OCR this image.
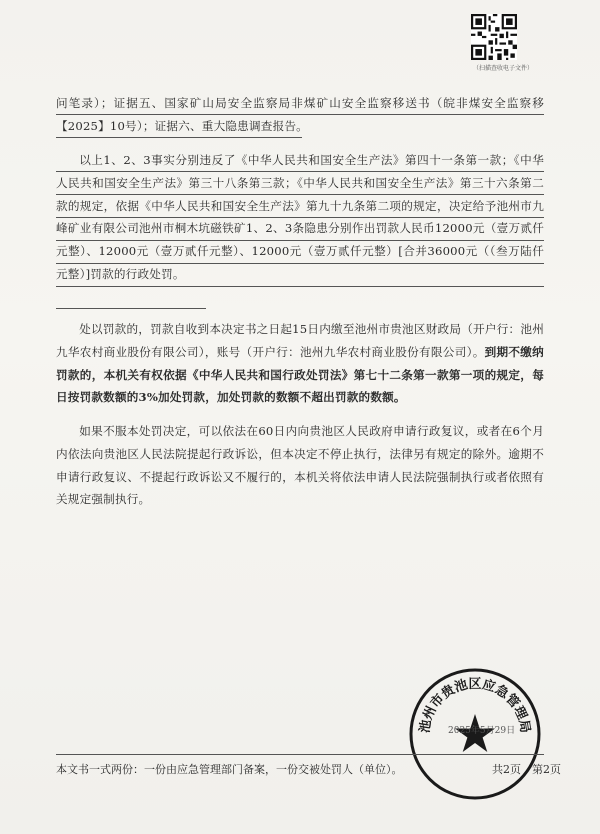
（扫描查收电子文件）

问笔录）；证据五、国家矿山局安全监察局非煤矿山安全监察移送书（皖非煤安全监察移【2025】10号）；证据六、重大隐患调查报告。

以上1、2、3事实分别违反了《中华人民共和国安全生产法》第四十一条第一款；《中华人民共和国安全生产法》第三十八条第三款；《中华人民共和国安全生产法》第三十六条第二款的规定，依据《中华人民共和国安全生产法》第九十九条第二项的规定，决定给予池州市九峰矿业有限公司池州市桐木坑磁铁矿1、2、3条隐患分别作出罚款人民币12000元（壹万贰仟元整）、12000元（壹万贰仟元整）、12000元（壹万贰仟元整）[合并36000元（（叁万陆仟元整）]罚款的行政处罚。

处以罚款的，罚款自收到本决定书之日起15日内缴至池州市贵池区财政局（开户行：池州九华农村商业股份有限公司），账号（开户行：池州九华农村商业股份有限公司）。到期不缴纳罚款的，本机关有权依据《中华人民共和国行政处罚法》第七十二条第一款第一项的规定，每日按罚款数额的3%加处罚款，加处罚款的数额不超出罚款的数额。

如果不服本处罚决定，可以依法在60日内向贵池区人民政府申请行政复议，或者在6个月内依法向贵池区人民法院提起行政诉讼，但本决定不停止执行，法律另有规定的除外。逾期不申请行政复议、不提起行政诉讼又不履行的，本机关将依法申请人民法院强制执行或者依照有关规定强制执行。

池州市贵池区应急管理局
2025年5月29日
本文书一式两份：一份由应急管理部门备案，一份交被处罚人（单位）。	共2页　第2页
